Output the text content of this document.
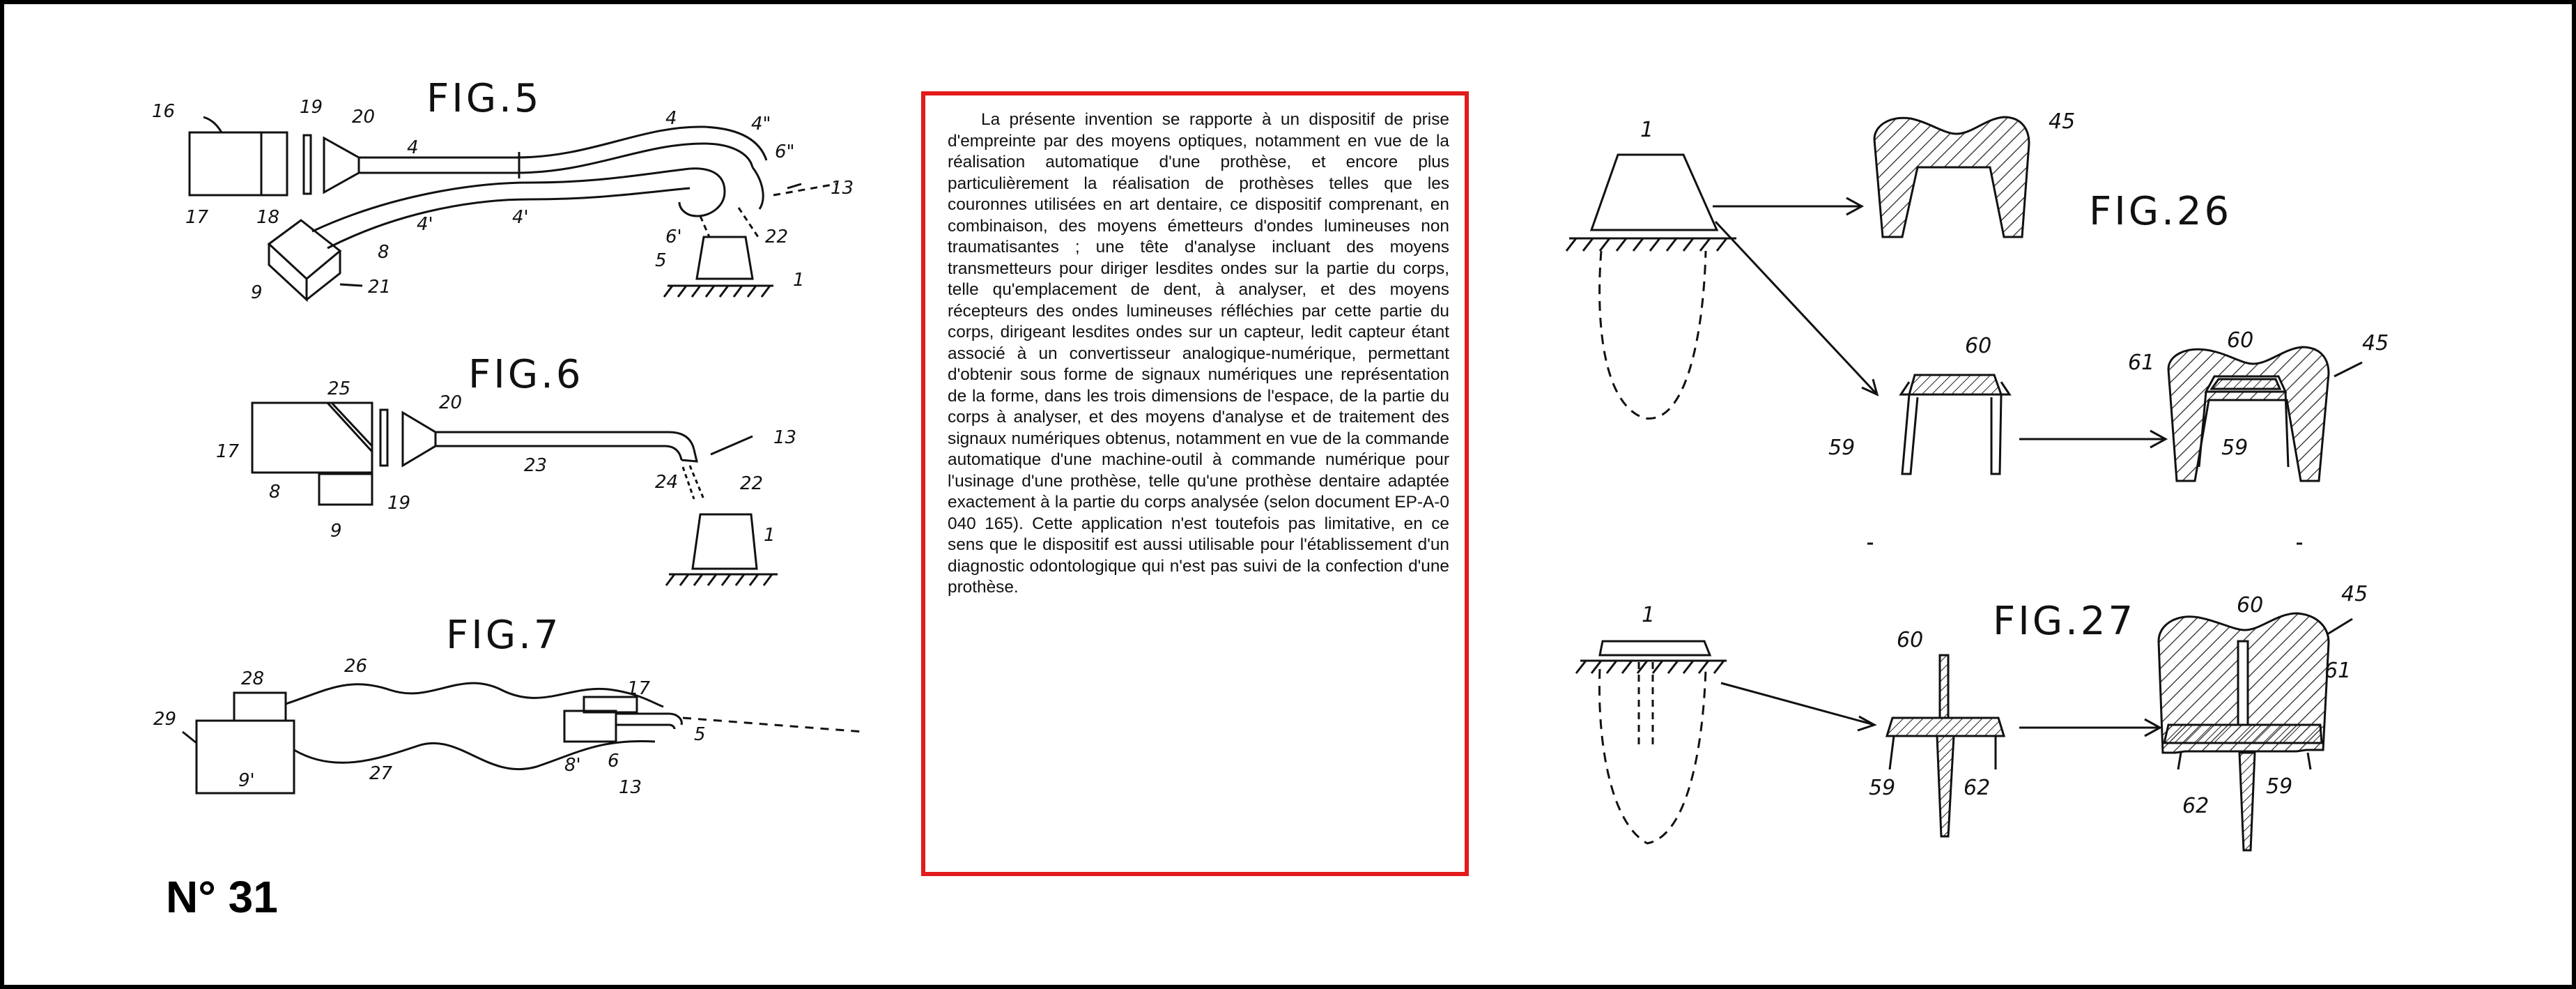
FIG.5
16
17	18
19 20
4
4
4'
4'
4"
6"
6'
13
22
1
5
8
9	21
FIG.6
17
25
20
8
9
19
23
24	22
13
1
FIG.7
29
28
26
27
9'
17
8' 6
13
5
FIG.26
1	45
60
59
61
60	45
59
FIG.27
1
60
59	62
45
60
61
62
59

La présente invention se rapporte à un dispositif de prise d'empreinte par des moyens optiques, notamment en vue de la réalisation automatique d'une prothèse, et encore plus particulièrement la réalisation de prothèses telles que les couronnes utilisées en art dentaire, ce dispositif comprenant, en combinaison, des moyens émetteurs d'ondes lumineuses non traumatisantes ; une tête d'analyse incluant des moyens transmetteurs pour diriger lesdites ondes sur la partie du corps, telle qu'emplacement de dent, à analyser, et des moyens récepteurs des ondes lumineuses réfléchies par cette partie du corps, dirigeant lesdites ondes sur un capteur, ledit capteur étant associé à un convertisseur analogique-numérique, permettant d'obtenir sous forme de signaux numériques une représentation de la forme, dans les trois dimensions de l'espace, de la partie du corps à analyser, et des moyens d'analyse et de traitement des signaux numériques obtenus, notamment en vue de la commande automatique d'une machine-outil à commande numérique pour l'usinage d'une prothèse, telle qu'une prothèse dentaire adaptée exactement à la partie du corps analysée (selon document EP-A-0 040 165). Cette application n'est toutefois pas limitative, en ce sens que le dispositif est aussi utilisable pour l'établissement d'un diagnostic odontologique qui n'est pas suivi de la confection d'une prothèse.

N° 31
